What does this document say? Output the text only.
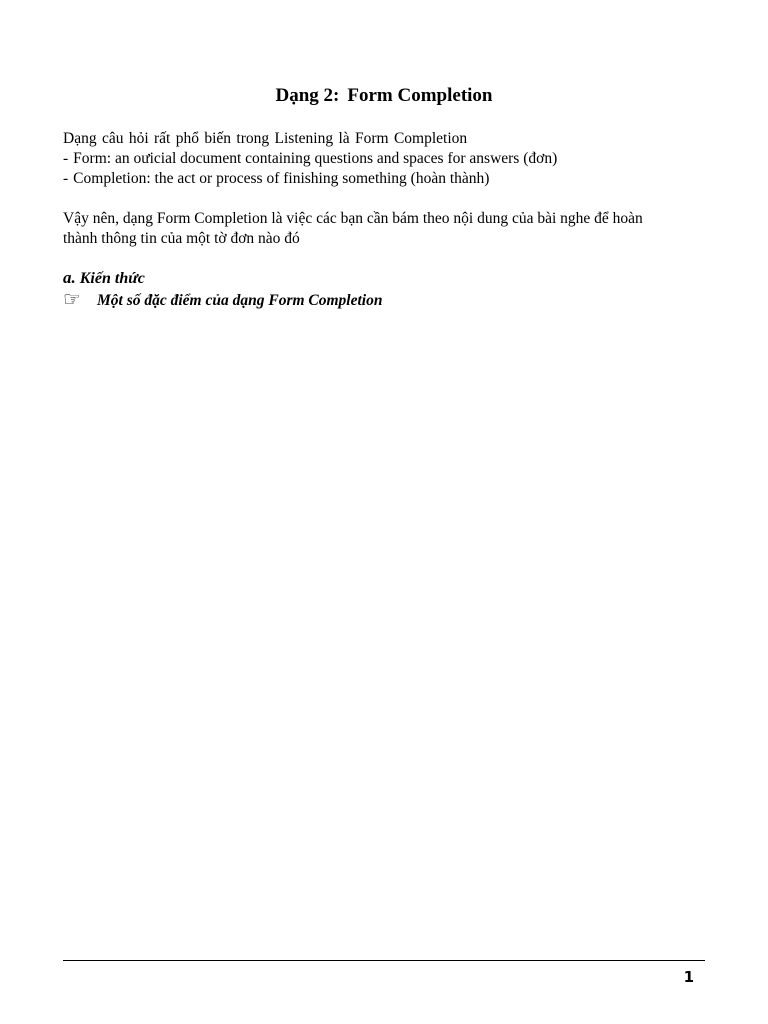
Dạng 2: Form Completion
Dạng câu hỏi rất phổ biến trong Listening là Form Completion
- Form: an oưicial document containing questions and spaces for answers (đơn)
- Completion: the act or process of finishing something (hoàn thành)
Vậy nên, dạng Form Completion là việc các bạn cần bám theo nội dung của bài nghe để hoàn
thành thông tin của một tờ đơn nào đó
a. Kiến thức
☞ Một số đặc điểm của dạng Form Completion
1
